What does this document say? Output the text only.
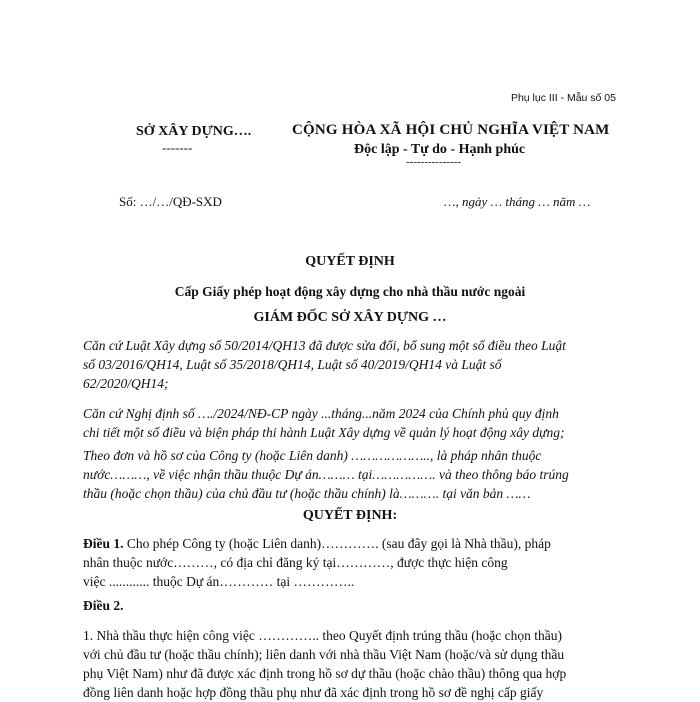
Phụ lục III - Mẫu số 05
SỞ XÂY DỰNG….
-------
CỘNG HÒA XÃ HỘI CHỦ NGHĨA VIỆT NAM
Độc lập - Tự do - Hạnh phúc
---------------
Số: …/…/QĐ-SXD	…, ngày … tháng … năm …
QUYẾT ĐỊNH
Cấp Giấy phép hoạt động xây dựng cho nhà thầu nước ngoài
GIÁM ĐỐC SỞ XÂY DỰNG …
Căn cứ Luật Xây dựng số 50/2014/QH13 đã được sửa đổi, bổ sung một số điều theo Luật
số 03/2016/QH14, Luật số 35/2018/QH14, Luật số 40/2019/QH14 và Luật số
62/2020/QH14;
Căn cứ Nghị định số …./2024/NĐ-CP ngày ...tháng...năm 2024 của Chính phủ quy định
chi tiết một số điều và biện pháp thi hành Luật Xây dựng về quản lý hoạt động xây dựng;
Theo đơn và hồ sơ của Công ty (hoặc Liên danh) ……………….., là pháp nhân thuộc
nước………, về việc nhận thầu thuộc Dự án……… tại……………. và theo thông báo trúng
thầu (hoặc chọn thầu) của chủ đầu tư (hoặc thầu chính) là………. tại văn bản ……
QUYẾT ĐỊNH:
Điều 1. Cho phép Công ty (hoặc Liên danh)…………. (sau đây gọi là Nhà thầu), pháp
nhân thuộc nước………, có địa chỉ đăng ký tại…………, được thực hiện công
việc ............ thuộc Dự án………… tại …………..
Điều 2.
1. Nhà thầu thực hiện công việc ………….. theo Quyết định trúng thầu (hoặc chọn thầu)
với chủ đầu tư (hoặc thầu chính); liên danh với nhà thầu Việt Nam (hoặc/và sử dụng thầu
phụ Việt Nam) như đã được xác định trong hồ sơ dự thầu (hoặc chào thầu) thông qua hợp
đồng liên danh hoặc hợp đồng thầu phụ như đã xác định trong hồ sơ đề nghị cấp giấy
